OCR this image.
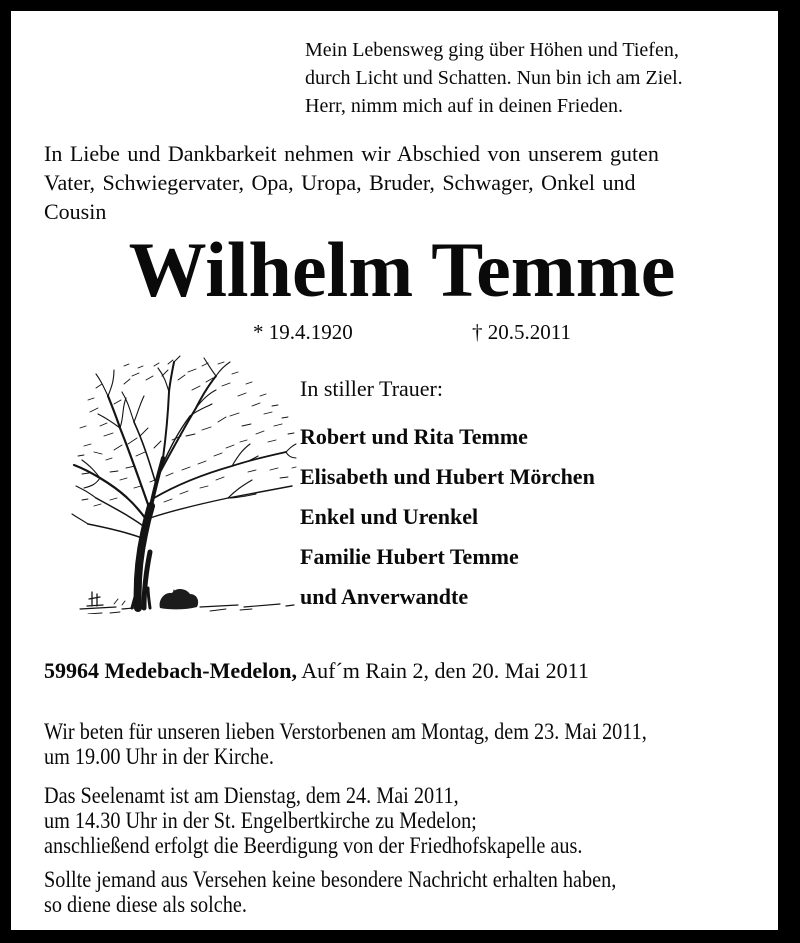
Mein Lebensweg ging über Höhen und Tiefen,
durch Licht und Schatten. Nun bin ich am Ziel.
Herr, nimm mich auf in deinen Frieden.
In Liebe und Dankbarkeit nehmen wir Abschied von unserem guten
Vater, Schwiegervater, Opa, Uropa, Bruder, Schwager, Onkel und
Cousin
Wilhelm Temme
* 19.4.1920	† 20.5.2011
In stiller Trauer:
Robert und Rita Temme
Elisabeth und Hubert Mörchen
Enkel und Urenkel
Familie Hubert Temme
und Anverwandte
59964 Medebach-Medelon, Auf´m Rain 2, den 20. Mai 2011
Wir beten für unseren lieben Verstorbenen am Montag, dem 23. Mai 2011,
um 19.00 Uhr in der Kirche.
Das Seelenamt ist am Dienstag, dem 24. Mai 2011,
um 14.30 Uhr in der St. Engelbertkirche zu Medelon;
anschließend erfolgt die Beerdigung von der Friedhofskapelle aus.
Sollte jemand aus Versehen keine besondere Nachricht erhalten haben,
so diene diese als solche.
